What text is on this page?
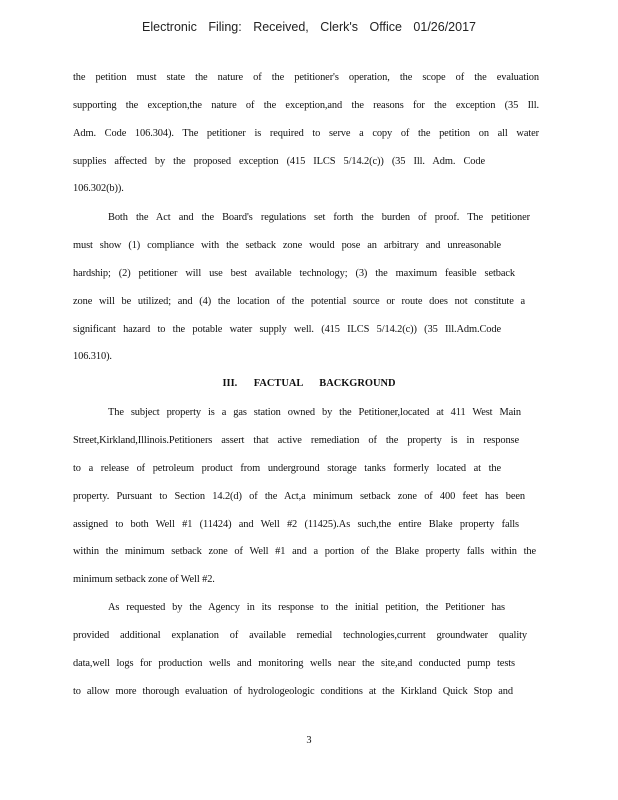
Electronic Filing: Received, Clerk's Office 01/26/2017
the petition must state the nature of the petitioner's operation, the scope of the evaluation
supporting the exception,the nature of the exception,and the reasons for the exception (35 Ill.
Adm. Code 106.304). The petitioner is required to serve a copy of the petition on all water
supplies affected by the proposed exception (415 ILCS 5/14.2(c)) (35 Ill. Adm. Code
106.302(b)).
Both the Act and the Board's regulations set forth the burden of proof. The petitioner
must show (1) compliance with the setback zone would pose an arbitrary and unreasonable
hardship; (2) petitioner will use best available technology; (3) the maximum feasible setback
zone will be utilized; and (4) the location of the potential source or route does not constitute a
significant hazard to the potable water supply well. (415 ILCS 5/14.2(c)) (35 Ill.Adm.Code
106.310).
III. FACTUAL BACKGROUND
The subject property is a gas station owned by the Petitioner,located at 411 West Main
Street,Kirkland,Illinois.Petitioners assert that active remediation of the property is in response
to a release of petroleum product from underground storage tanks formerly located at the
property. Pursuant to Section 14.2(d) of the Act,a minimum setback zone of 400 feet has been
assigned to both Well #1 (11424) and Well #2 (11425).As such,the entire Blake property falls
within the minimum setback zone of Well #1 and a portion of the Blake property falls within the
minimum setback zone of Well #2.
As requested by the Agency in its response to the initial petition, the Petitioner has
provided additional explanation of available remedial technologies,current groundwater quality
data,well logs for production wells and monitoring wells near the site,and conducted pump tests
to allow more thorough evaluation of hydrologeologic conditions at the Kirkland Quick Stop and
3
